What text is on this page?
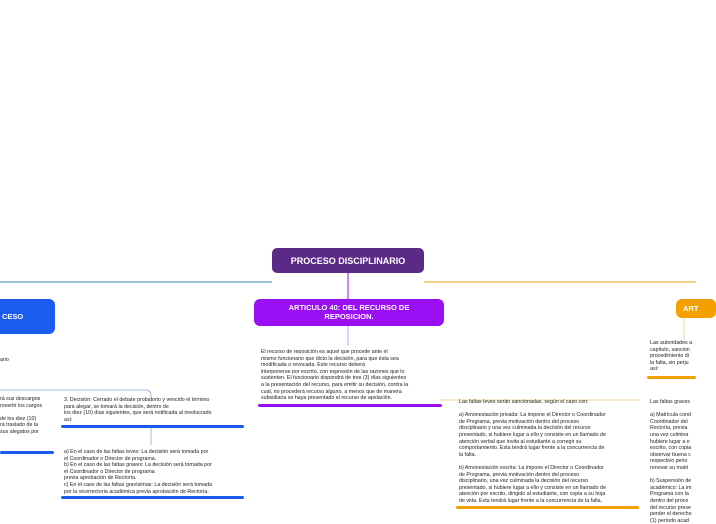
PROCESO DISCIPLINARIO
CESO
ARTICULO 40: DEL RECURSO DE REPOSICION.
ART
ario
rá sus descargos
rovertir los cargos

de los diez (10)
rá traslado de la
sus alegatos por
3. Decisión: Cerrado el debate probatorio y vencido el término
para alegar, se tomará la decisión, dentro de
los diez (10) días siguientes, que será notificada al involucrado
así:
a) En el caso de las faltas leves: La decisión será tomada por
el Coordinador o Director de programa.
b) En el caso de las faltas graves: La decisión será tomada por
el Coordinador o Director de programa
previa aprobación de Rectoría.
c) En el caso de las faltas gravísimas: La decisión será tomada
por la vicerrectoría académica previa aprobación de Rectoría.
El recurso de reposición es aquel que procede ante el
mismo funcionario que dicto la decisión, para que ésta sea
modificada o revocada. Este recurso deberá
interponerse por escrito, con expresión de las razones que lo
sustenten. El funcionario dispondrá de tres (3) días siguientes
a la presentación del recurso, para emitir su decisión, contra la
cual, no procederá recurso alguno, a menos que de manera
subsidiaria se haya presentado el recurso de apelación.
Las faltas leves serán sancionadas, según el caso con:

a) Amonestación privada: La impone el Director o Coordinador
de Programa, previa motivación dentro del proceso
disciplinario y una vez culminada la decisión del recurso
presentado, si hubiere lugar a ello y consiste en un llamado de
atención verbal que invita al estudiante a corregir su
comportamiento. Esta tendrá lugar frente a la concurrencia de
la falta.

b) Amonestación escrita: La impone el Director o Coordinador
de Programa, previa motivación dentro del proceso
disciplinario, una vez culminada la decisión del recurso
presentado, si hubiere lugar a ello y consiste en un llamado de
atención por escrito, dirigido al estudiante, con copia a su hoja
de vida. Esta tendrá lugar frente a la concurrencia de la falta.
Las autoridades a
capítulo, sancion
procedimiento di
la falta, sin perju
así:
Las faltas graves

a) Matrícula cond
Coordinador del
Rectoría, previa
una vez culmina
hubiere lugar a e
escrito, con copia
observar buena c
respectivo perio
renovar su matri

b) Suspensión de
académico: La im
Programa con la
dentro del proce
del recurso prese
perder el derecho
(1) período acad
